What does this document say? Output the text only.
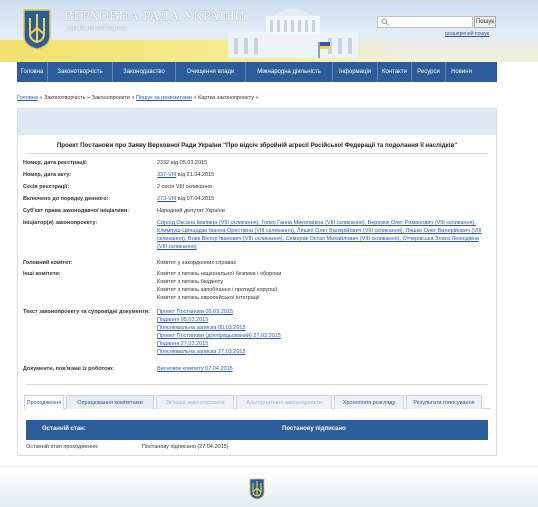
ВЕРХОВНА РАДА УКРАЇНИ
офіційний веб-портал
Пошук
розширений пошук
Головна	Законотворчість	Законодавство	Очищення влади	Міжнародна діяльність	Інформація	Контакти	Ресурси	Новини
Головна » Законотворчість » Законопроекти » Пошук за реквізитами » Картка законопроекту »
Проект Постанови про Заяву Верховної Ради України "Про відсіч збройній агресії Російської Федерації та подолання її наслідків"
Номер, дата реєстрації:	2332 від 05.03.2015
Номер, дата акту:	337-VIII від 21.04.2015
Сесія реєстрації:	2 сесія VIII скликання
Включено до порядку денного:	273-VIII від 07.04.2015
Суб'єкт права законодавчої ініціативи:	Народний депутат України
Ініціатор(и) законопроекту:	Сироїд Оксана Іванівна (VIII скликання), Гопко Ганна Миколаївна (VIII скликання), Березюк Олег Романович (VIII скликання), Климпуш-Цинцадзе Іванна Орестівна (VIII скликання), Ляшко Олег Валерійович (VIII скликання), Ляшко Олег Валерійович (VIII скликання), Вовк Віктор Іванович (VIII скликання), Семерак Остап Михайлович (VIII скликання), Отчерівська Злата Леонідівна (VIII скликання)
Головний комітет:	Комітет у закордонних справах
Інші комітети:	Комітет з питань національної безпеки і оборони
Комітет з питань бюджету
Комітет з питань запобігання і протидії корупції
Комітет з питань європейської інтеграції
Текст законопроекту та супровідні документи:	Проект Постанови 05.03.2015
Подання 05.03.2015
Пояснювальна записка 05.03.2015
Проект Постанови (доопрацьований) 27.03.2015
Подання 27.03.2015
Пояснювальна записка 27.03.2015
Документи, пов'язані із роботою:	Висновок комітету 07.04.2015
Проходження	Опрацювання комітетами	Зв'язані законопроекти	Альтернативні законопроекти	Хронологія розгляду	Результати голосування
Останній стан:	Постанову підписано
Останній етап проходження:	Постанову підписано (27.04.2015)
